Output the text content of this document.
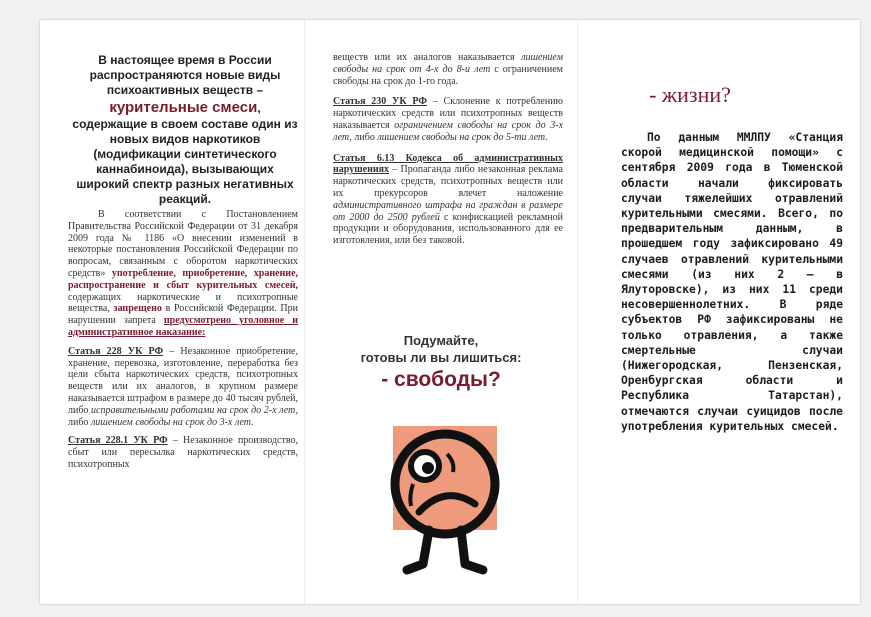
В настоящее время в России распространяются новые виды психоактивных веществ –
курительные смеси, содержащие в своем составе один из новых видов наркотиков (модификации синтетического каннабиноида), вызывающих широкий спектр разных негативных реакций.

В соответствии с Постановлением Правительства Российской Федерации от 31 декабря 2009 года № 1186 «О внесении изменений в некоторые постановления Российской Федерации по вопросам, связанным с оборотом наркотических средств» употребление, приобретение, хранение, распространение и сбыт курительных смесей, содержащих наркотические и психотропные вещества, запрещено в Российской Федерации. При нарушении запрета предусмотрено уголовное и административное наказание:

Статья 228 УК РФ – Незаконное приобретение, хранение, перевозка, изготовление, переработка без цели сбыта наркотических средств, психотропных веществ или их аналогов, в крупном размере наказывается штрафом в размере до 40 тысяч рублей, либо исправительными работами на срок до 2-х лет, либо лишением свободы на срок до 3-х лет.

Статья 228.1 УК РФ – Незаконное производство, сбыт или пересылка наркотических средств, психотропных

веществ или их аналогов наказывается лишением свободы на срок от 4-х до 8-и лет с ограничением свободы на срок до 1-го года.

Статья 230 УК РФ – Склонение к потреблению наркотических средств или психотропных веществ наказывается ограничением свободы на срок до 3-х лет, либо лишением свободы на срок до 5-ти лет.

Статья 6.13 Кодекса об административных нарушениях – Пропаганда либо незаконная реклама наркотических средств, психотропных веществ или их прекурсоров влечет наложение административного штрафа на граждан в размере от 2000 до 2500 рублей с конфискацией рекламной продукции и оборудования, использованного для ее изготовления, или без таковой.

Подумайте,
готовы ли вы лишиться:
- свободы?
- жизни?

По данным ММЛПУ «Станция скорой медицинской помощи» с сентября 2009 года в Тюменской области начали фиксировать случаи тяжелейших отравлений курительными смесями. Всего, по предварительным данным, в прошедшем году зафиксировано 49 случаев отравлений курительными смесями (из них 2 – в Ялуторовске), из них 11 среди несовершеннолетних. В ряде субъектов РФ зафиксированы не только отравления, а также смертельные случаи (Нижегородская, Пензенская, Оренбургская области и Республика Татарстан), отмечаются случаи суицидов после употребления курительных смесей.
